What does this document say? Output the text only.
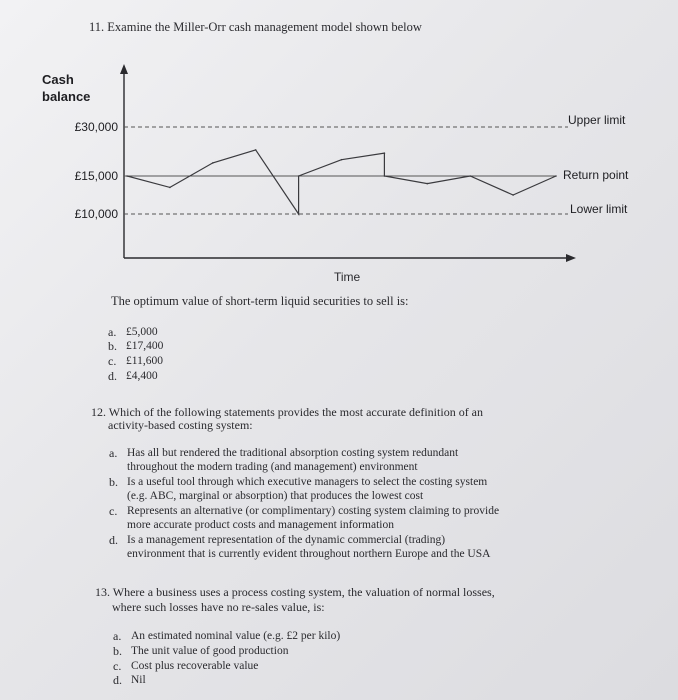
11. Examine the Miller-Orr cash management model shown below
Cash
balance
£30,000	Upper limit
£15,000	Return point
£10,000	Lower limit
Time
The optimum value of short-term liquid securities to sell is:
a. £5,000
b. £17,400
c. £11,600
d. £4,400
12. Which of the following statements provides the most accurate definition of an
activity-based costing system:
a. Has all but rendered the traditional absorption costing system redundant
throughout the modern trading (and management) environment
b. Is a useful tool through which executive managers to select the costing system
(e.g. ABC, marginal or absorption) that produces the lowest cost
c. Represents an alternative (or complimentary) costing system claiming to provide
more accurate product costs and management information
d. Is a management representation of the dynamic commercial (trading)
environment that is currently evident throughout northern Europe and the USA
13. Where a business uses a process costing system, the valuation of normal losses,
where such losses have no re-sales value, is:
a. An estimated nominal value (e.g. £2 per kilo)
b. The unit value of good production
c. Cost plus recoverable value
d. Nil
